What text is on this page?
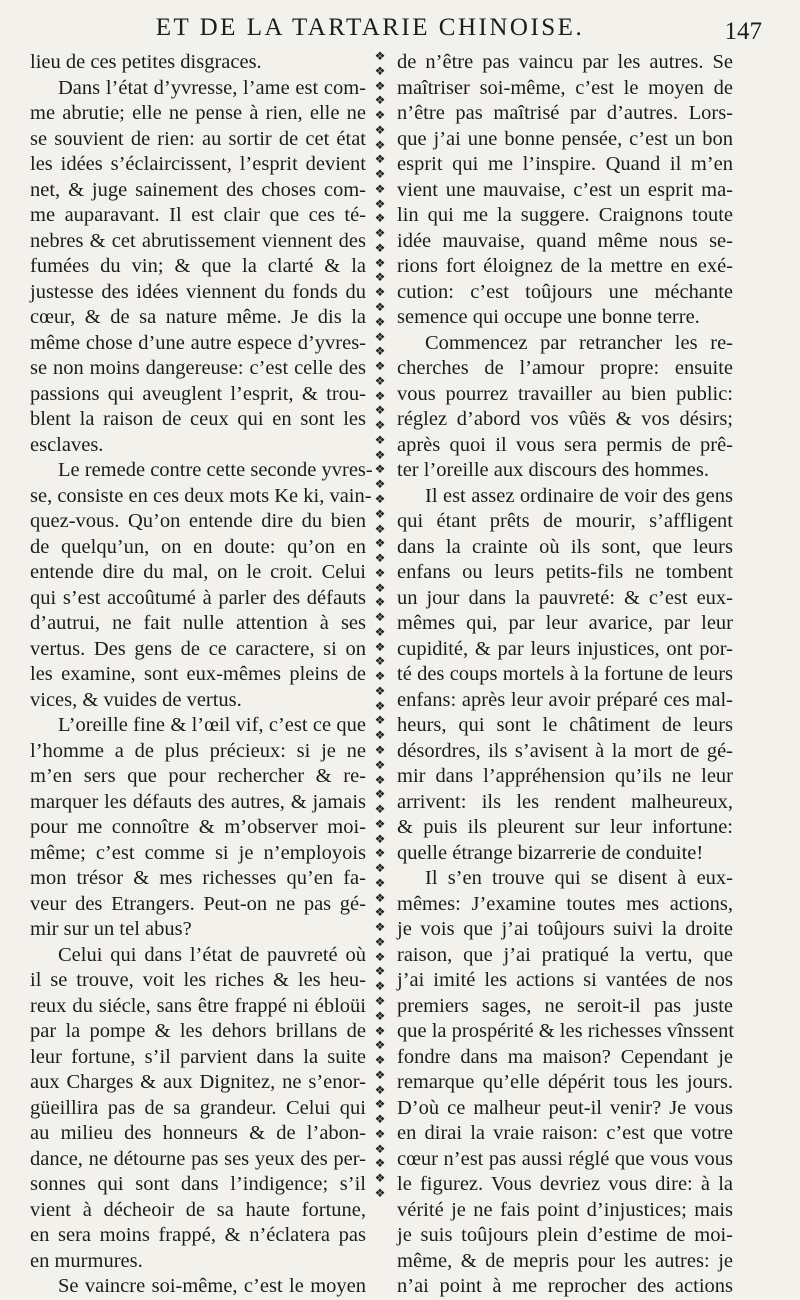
ET DE LA TARTARIE CHINOISE.	147
lieu de ces petites disgraces.
Dans l’état d’yvresse, l’ame est com-
me abrutie; elle ne pense à rien, elle ne
se souvient de rien: au sortir de cet état
les idées s’éclaircissent, l’esprit devient
net, & juge sainement des choses com-
me auparavant. Il est clair que ces té-
nebres & cet abrutissement viennent des
fumées du vin; & que la clarté & la
justesse des idées viennent du fonds du
cœur, & de sa nature même. Je dis la
même chose d’une autre espece d’yvres-
se non moins dangereuse: c’est celle des
passions qui aveuglent l’esprit, & trou-
blent la raison de ceux qui en sont les
esclaves.
Le remede contre cette seconde yvres-
se, consiste en ces deux mots Ke ki, vain-
quez-vous. Qu’on entende dire du bien
de quelqu’un, on en doute: qu’on en
entende dire du mal, on le croit. Celui
qui s’est accoûtumé à parler des défauts
d’autrui, ne fait nulle attention à ses
vertus. Des gens de ce caractere, si on
les examine, sont eux-mêmes pleins de
vices, & vuides de vertus.
L’oreille fine & l’œil vif, c’est ce que
l’homme a de plus précieux: si je ne
m’en sers que pour rechercher & re-
marquer les défauts des autres, & jamais
pour me connoître & m’observer moi-
même; c’est comme si je n’employois
mon trésor & mes richesses qu’en fa-
veur des Etrangers. Peut-on ne pas gé-
mir sur un tel abus?
Celui qui dans l’état de pauvreté où
il se trouve, voit les riches & les heu-
reux du siécle, sans être frappé ni ébloüi
par la pompe & les dehors brillans de
leur fortune, s’il parvient dans la suite
aux Charges & aux Dignitez, ne s’enor-
güeillira pas de sa grandeur. Celui qui
au milieu des honneurs & de l’abon-
dance, ne détourne pas ses yeux des per-
sonnes qui sont dans l’indigence; s’il
vient à décheoir de sa haute fortune,
en sera moins frappé, & n’éclatera pas
en murmures.
Se vaincre soi-même, c’est le moyen
❖
❖
❖
❖
❖
❖
❖
❖
❖
❖
❖
❖
❖
❖
❖
❖
❖
❖
❖
❖
❖
❖
❖
❖
❖
❖
❖
❖
❖
❖
❖
❖
❖
❖
❖
❖
❖
❖
❖
❖
❖
❖
❖
❖
❖
❖
❖
❖
❖
❖
❖
❖
❖
❖
❖
❖
❖
❖
❖
❖
❖
❖
❖
❖
❖
❖
❖
❖
❖
❖
❖
❖
❖
❖
❖
❖
❖
❖
de n’être pas vaincu par les autres. Se
maîtriser soi-même, c’est le moyen de
n’être pas maîtrisé par d’autres. Lors-
que j’ai une bonne pensée, c’est un bon
esprit qui me l’inspire. Quand il m’en
vient une mauvaise, c’est un esprit ma-
lin qui me la suggere. Craignons toute
idée mauvaise, quand même nous se-
rions fort éloignez de la mettre en exé-
cution: c’est toûjours une méchante
semence qui occupe une bonne terre.
Commencez par retrancher les re-
cherches de l’amour propre: ensuite
vous pourrez travailler au bien public:
réglez d’abord vos vûës & vos désirs;
après quoi il vous sera permis de prê-
ter l’oreille aux discours des hommes.
Il est assez ordinaire de voir des gens
qui étant prêts de mourir, s’affligent
dans la crainte où ils sont, que leurs
enfans ou leurs petits-fils ne tombent
un jour dans la pauvreté: & c’est eux-
mêmes qui, par leur avarice, par leur
cupidité, & par leurs injustices, ont por-
té des coups mortels à la fortune de leurs
enfans: après leur avoir préparé ces mal-
heurs, qui sont le châtiment de leurs
désordres, ils s’avisent à la mort de gé-
mir dans l’appréhension qu’ils ne leur
arrivent: ils les rendent malheureux,
& puis ils pleurent sur leur infortune:
quelle étrange bizarrerie de conduite!
Il s’en trouve qui se disent à eux-
mêmes: J’examine toutes mes actions,
je vois que j’ai toûjours suivi la droite
raison, que j’ai pratiqué la vertu, que
j’ai imité les actions si vantées de nos
premiers sages, ne seroit-il pas juste
que la prospérité & les richesses vînssent
fondre dans ma maison? Cependant je
remarque qu’elle dépérit tous les jours.
D’où ce malheur peut-il venir? Je vous
en dirai la vraie raison: c’est que votre
cœur n’est pas aussi réglé que vous vous
le figurez. Vous devriez vous dire: à la
vérité je ne fais point d’injustices; mais
je suis toûjours plein d’estime de moi-
même, & de mepris pour les autres: je
n’ai point à me reprocher des actions
